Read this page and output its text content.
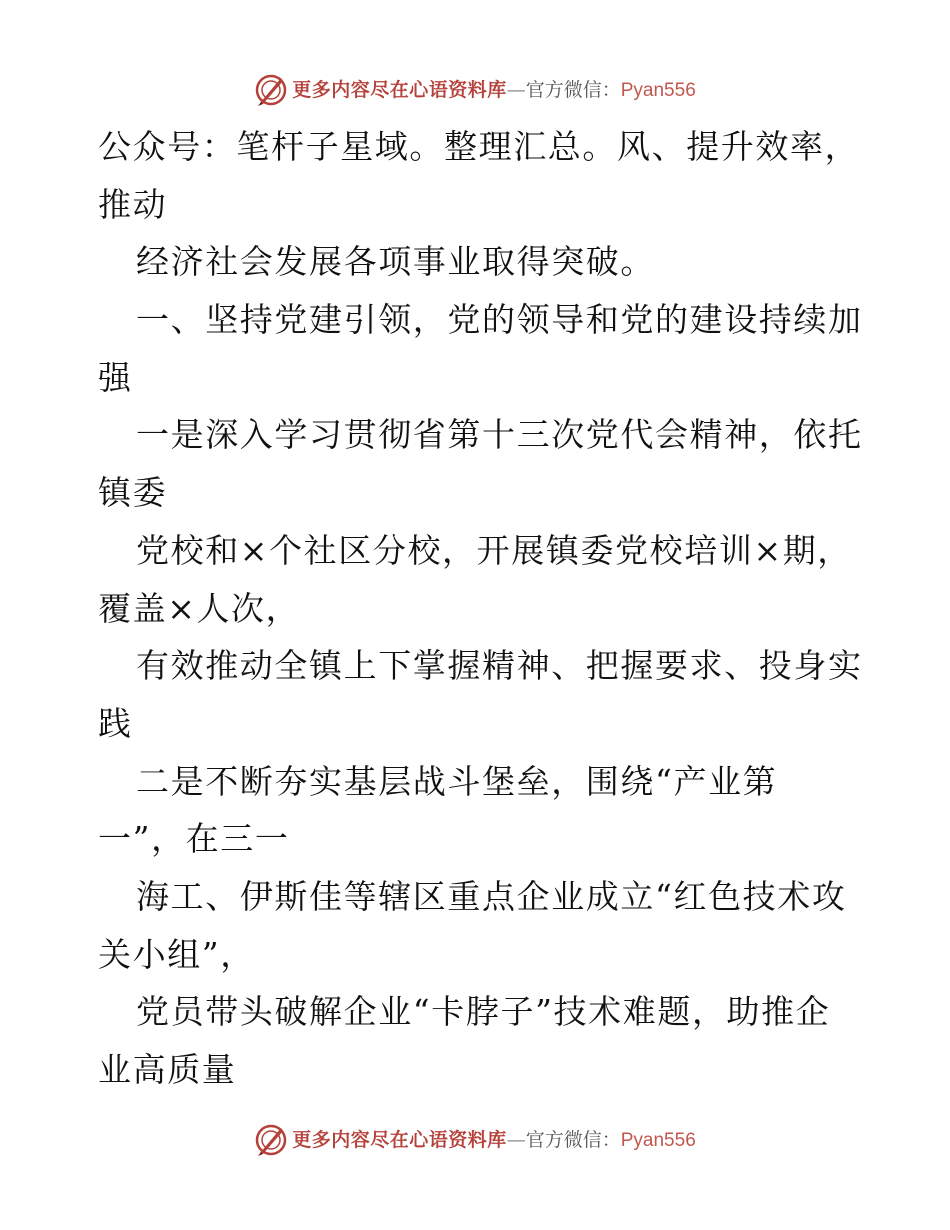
更多内容尽在心语资料库—官方微信：Pyan556
公众号：笔杆子星域。整理汇总。风、提升效率，
推动
经济社会发展各项事业取得突破。
一、坚持党建引领，党的领导和党的建设持续加
强
一是深入学习贯彻省第十三次党代会精神，依托
镇委
党校和×个社区分校，开展镇委党校培训×期，
覆盖×人次，
有效推动全镇上下掌握精神、把握要求、投身实
践
二是不断夯实基层战斗堡垒，围绕“产业第
一”，在三一
海工、伊斯佳等辖区重点企业成立“红色技术攻
关小组”，
党员带头破解企业“卡脖子”技术难题，助推企
业高质量
更多内容尽在心语资料库—官方微信：Pyan556
